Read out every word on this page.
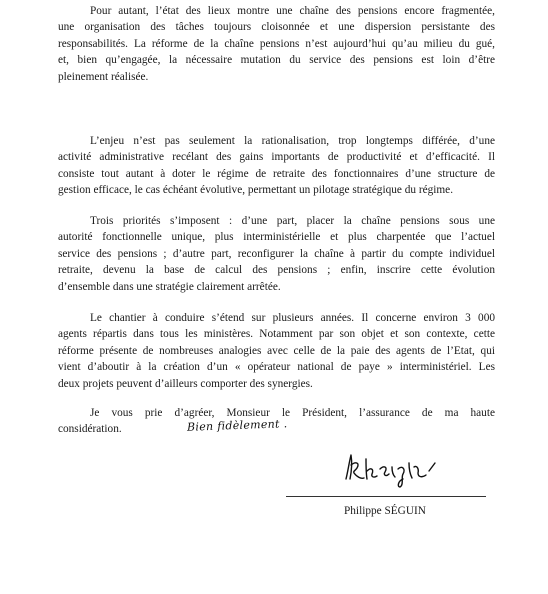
Pour autant, l’état des lieux montre une chaîne des pensions encore fragmentée,
une organisation des tâches toujours cloisonnée et une dispersion persistante des
responsabilités. La réforme de la chaîne pensions n’est aujourd’hui qu’au milieu du gué,
et, bien qu’engagée, la nécessaire mutation du service des pensions est loin d’être
pleinement réalisée.

L’enjeu n’est pas seulement la rationalisation, trop longtemps différée, d’une
activité administrative recélant des gains importants de productivité et d’efficacité. Il
consiste tout autant à doter le régime de retraite des fonctionnaires d’une structure de
gestion efficace, le cas échéant évolutive, permettant un pilotage stratégique du régime.

Trois priorités s’imposent : d’une part, placer la chaîne pensions sous une
autorité fonctionnelle unique, plus interministérielle et plus charpentée que l’actuel
service des pensions ; d’autre part, reconfigurer la chaîne à partir du compte individuel
retraite, devenu la base de calcul des pensions ; enfin, inscrire cette évolution
d’ensemble dans une stratégie clairement arrêtée.

Le chantier à conduire s’étend sur plusieurs années. Il concerne environ 3 000
agents répartis dans tous les ministères. Notamment par son objet et son contexte, cette
réforme présente de nombreuses analogies avec celle de la paie des agents de l’Etat, qui
vient d’aboutir à la création d’un « opérateur national de paye » interministériel. Les
deux projets peuvent d’ailleurs comporter des synergies.

Je vous prie d’agréer, Monsieur le Président, l’assurance de ma haute
considération.	Bien fidèlement .
Philippe SÉGUIN
